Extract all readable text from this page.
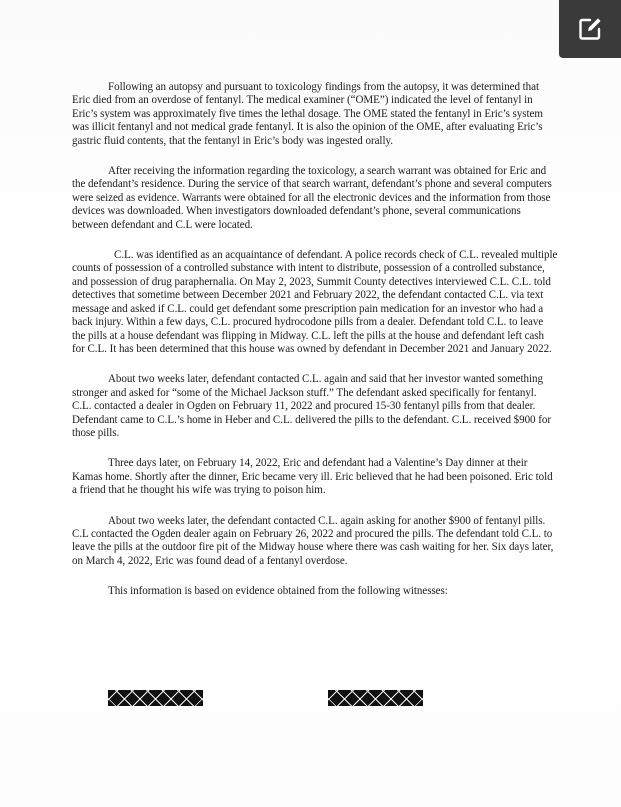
Following an autopsy and pursuant to toxicology findings from the autopsy, it was determined that Eric died from an overdose of fentanyl. The medical examiner (“OME”) indicated the level of fentanyl in Eric’s system was approximately five times the lethal dosage. The OME stated the fentanyl in Eric’s system was illicit fentanyl and not medical grade fentanyl. It is also the opinion of the OME, after evaluating Eric’s gastric fluid contents, that the fentanyl in Eric’s body was ingested orally.

After receiving the information regarding the toxicology, a search warrant was obtained for Eric and the defendant’s residence. During the service of that search warrant, defendant’s phone and several computers were seized as evidence. Warrants were obtained for all the electronic devices and the information from those devices was downloaded. When investigators downloaded defendant’s phone, several communications between defendant and C.L were located.

C.L. was identified as an acquaintance of defendant. A police records check of C.L. revealed multiple counts of possession of a controlled substance with intent to distribute, possession of a controlled substance, and possession of drug paraphernalia. On May 2, 2023, Summit County detectives interviewed C.L. C.L. told detectives that sometime between December 2021 and February 2022, the defendant contacted C.L. via text message and asked if C.L. could get defendant some prescription pain medication for an investor who had a back injury. Within a few days, C.L. procured hydrocodone pills from a dealer. Defendant told C.L. to leave the pills at a house defendant was flipping in Midway. C.L. left the pills at the house and defendant left cash for C.L. It has been determined that this house was owned by defendant in December 2021 and January 2022.

About two weeks later, defendant contacted C.L. again and said that her investor wanted something stronger and asked for “some of the Michael Jackson stuff.” The defendant asked specifically for fentanyl. C.L. contacted a dealer in Ogden on February 11, 2022 and procured 15-30 fentanyl pills from that dealer. Defendant came to C.L.’s home in Heber and C.L. delivered the pills to the defendant. C.L. received $900 for those pills.

Three days later, on February 14, 2022, Eric and defendant had a Valentine’s Day dinner at their Kamas home. Shortly after the dinner, Eric became very ill. Eric believed that he had been poisoned. Eric told a friend that he thought his wife was trying to poison him.

About two weeks later, the defendant contacted C.L. again asking for another $900 of fentanyl pills. C.L contacted the Ogden dealer again on February 26, 2022 and procured the pills. The defendant told C.L. to leave the pills at the outdoor fire pit of the Midway house where there was cash waiting for her. Six days later, on March 4, 2022, Eric was found dead of a fentanyl overdose.

This information is based on evidence obtained from the following witnesses:
